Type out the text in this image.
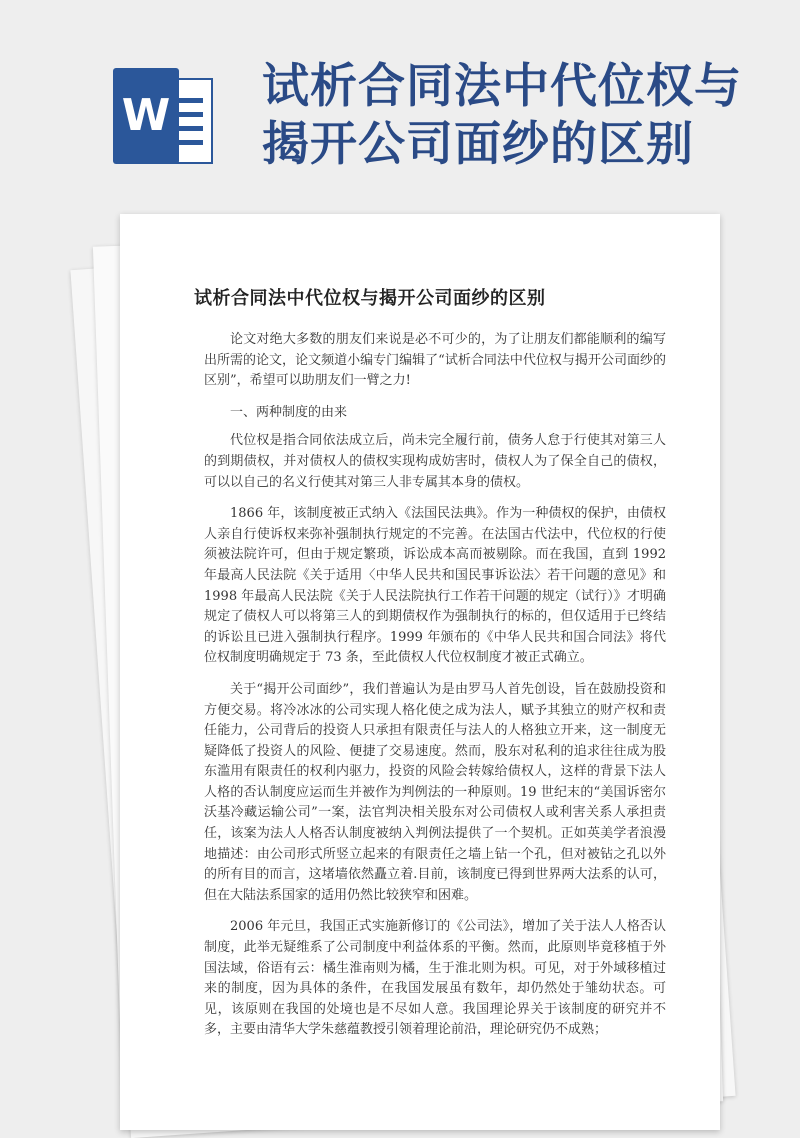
W
试析合同法中代位权与揭开公司面纱的区别
试析合同法中代位权与揭开公司面纱的区别

论文对绝大多数的朋友们来说是必不可少的，为了让朋友们都能顺利的编写出所需的论文，论文频道小编专门编辑了“试析合同法中代位权与揭开公司面纱的区别”，希望可以助朋友们一臂之力!

一、两种制度的由来

代位权是指合同依法成立后，尚未完全履行前，债务人怠于行使其对第三人的到期债权，并对债权人的债权实现构成妨害时，债权人为了保全自己的债权，可以以自己的名义行使其对第三人非专属其本身的债权。

1866 年，该制度被正式纳入《法国民法典》。作为一种债权的保护，由债权人亲自行使诉权来弥补强制执行规定的不完善。在法国古代法中，代位权的行使须被法院许可，但由于规定繁琐，诉讼成本高而被剔除。而在我国，直到 1992 年最高人民法院《关于适用〈中华人民共和国民事诉讼法〉若干问题的意见》和 1998 年最高人民法院《关于人民法院执行工作若干问题的规定（试行）》才明确规定了债权人可以将第三人的到期债权作为强制执行的标的，但仅适用于已终结的诉讼且已进入强制执行程序。1999 年颁布的《中华人民共和国合同法》将代位权制度明确规定于 73 条，至此债权人代位权制度才被正式确立。

关于“揭开公司面纱”，我们普遍认为是由罗马人首先创设，旨在鼓励投资和方便交易。将冷冰冰的公司实现人格化使之成为法人，赋予其独立的财产权和责任能力，公司背后的投资人只承担有限责任与法人的人格独立开来，这一制度无疑降低了投资人的风险、便捷了交易速度。然而，股东对私利的追求往往成为股东滥用有限责任的权利内驱力，投资的风险会转嫁给债权人，这样的背景下法人人格的否认制度应运而生并被作为判例法的一种原则。19 世纪末的“美国诉密尔沃基冷藏运输公司”一案，法官判决相关股东对公司债权人或利害关系人承担责任，该案为法人人格否认制度被纳入判例法提供了一个契机。正如英美学者浪漫地描述：由公司形式所竖立起来的有限责任之墙上钻一个孔，但对被钻之孔以外的所有目的而言，这堵墙依然矗立着.目前，该制度已得到世界两大法系的认可，但在大陆法系国家的适用仍然比较狭窄和困难。

2006 年元旦，我国正式实施新修订的《公司法》，增加了关于法人人格否认制度，此举无疑维系了公司制度中利益体系的平衡。然而，此原则毕竟移植于外国法域，俗语有云：橘生淮南则为橘，生于淮北则为枳。可见，对于外域移植过来的制度，因为具体的条件，在我国发展虽有数年，却仍然处于雏幼状态。可见，该原则在我国的处境也是不尽如人意。我国理论界关于该制度的研究并不多，主要由清华大学朱慈蕴教授引领着理论前沿，理论研究仍不成熟；
